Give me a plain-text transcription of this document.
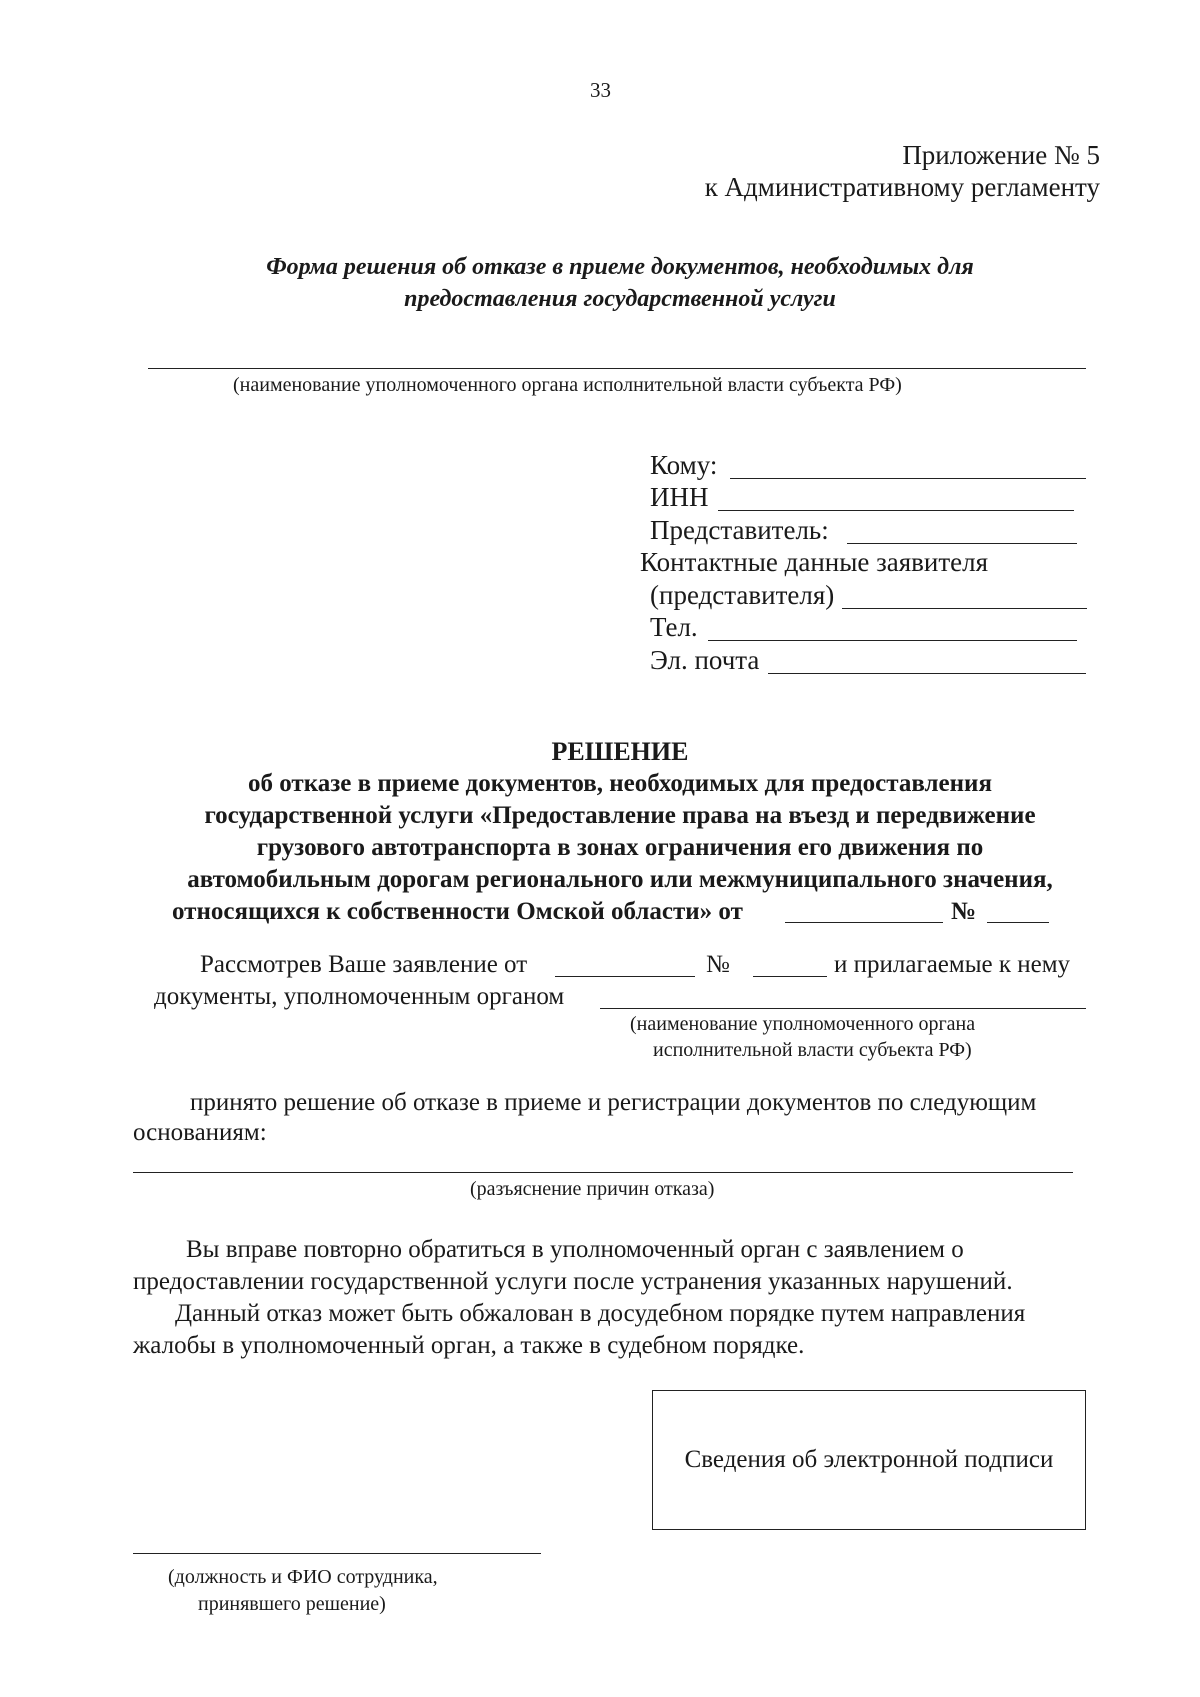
33
Приложение № 5
к Административному регламенту
Форма решения об отказе в приеме документов, необходимых для
предоставления государственной услуги
(наименование уполномоченного органа исполнительной власти субъекта РФ)
Кому:
ИНН
Представитель:
Контактные данные заявителя
(представителя)
Тел.
Эл. почта
РЕШЕНИЕ
об отказе в приеме документов, необходимых для предоставления
государственной услуги «Предоставление права на въезд и передвижение
грузового автотранспорта в зонах ограничения его движения по
автомобильным дорогам регионального или межмуниципального значения,
относящихся к собственности Омской области» от	№
Рассмотрев Ваше заявление от	№	и прилагаемые к нему
документы, уполномоченным органом
(наименование уполномоченного органа
исполнительной власти субъекта РФ)
принято решение об отказе в приеме и регистрации документов по следующим
основаниям:
(разъяснение причин отказа)
Вы вправе повторно обратиться в уполномоченный орган с заявлением о
предоставлении государственной услуги после устранения указанных нарушений.
Данный отказ может быть обжалован в досудебном порядке путем направления
жалобы в уполномоченный орган, а также в судебном порядке.
Сведения об электронной подписи
(должность и ФИО сотрудника,
принявшего решение)
